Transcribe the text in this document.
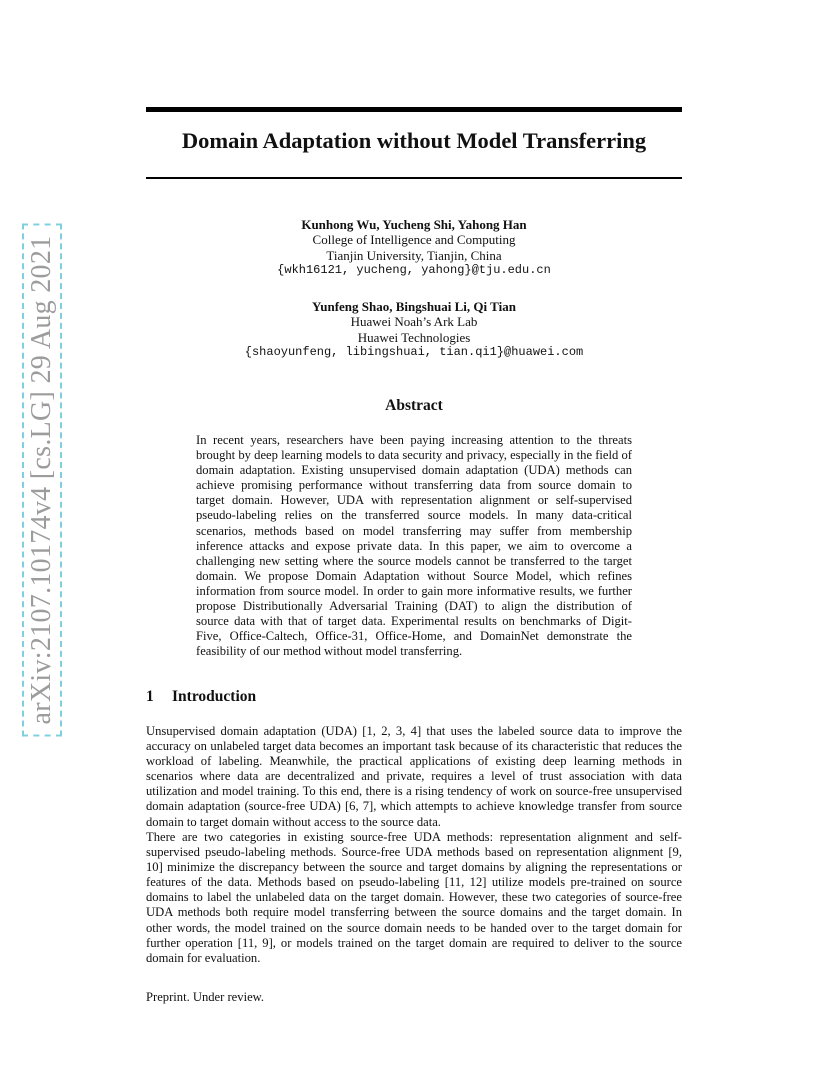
arXiv:2107.10174v4 [cs.LG] 29 Aug 2021
Domain Adaptation without Model Transferring
Kunhong Wu, Yucheng Shi, Yahong Han
College of Intelligence and Computing
Tianjin University, Tianjin, China
{wkh16121, yucheng, yahong}@tju.edu.cn
Yunfeng Shao, Bingshuai Li, Qi Tian
Huawei Noah’s Ark Lab
Huawei Technologies
{shaoyunfeng, libingshuai, tian.qi1}@huawei.com
Abstract

In recent years, researchers have been paying increasing attention to the threats brought by deep learning models to data security and privacy, especially in the field of domain adaptation. Existing unsupervised domain adaptation (UDA) methods can achieve promising performance without transferring data from source domain to target domain. However, UDA with representation alignment or self-supervised pseudo-labeling relies on the transferred source models. In many data-critical scenarios, methods based on model transferring may suffer from membership inference attacks and expose private data. In this paper, we aim to overcome a challenging new setting where the source models cannot be transferred to the target domain. We propose Domain Adaptation without Source Model, which refines information from source model. In order to gain more informative results, we further propose Distributionally Adversarial Training (DAT) to align the distribution of source data with that of target data. Experimental results on benchmarks of Digit-Five, Office-Caltech, Office-31, Office-Home, and DomainNet demonstrate the feasibility of our method without model transferring.

1 Introduction

Unsupervised domain adaptation (UDA) [1, 2, 3, 4] that uses the labeled source data to improve the accuracy on unlabeled target data becomes an important task because of its characteristic that reduces the workload of labeling. Meanwhile, the practical applications of existing deep learning methods in scenarios where data are decentralized and private, requires a level of trust association with data utilization and model training. To this end, there is a rising tendency of work on source-free unsupervised domain adaptation (source-free UDA) [6, 7], which attempts to achieve knowledge transfer from source domain to target domain without access to the source data.

There are two categories in existing source-free UDA methods: representation alignment and self-supervised pseudo-labeling methods. Source-free UDA methods based on representation alignment [9, 10] minimize the discrepancy between the source and target domains by aligning the representations or features of the data. Methods based on pseudo-labeling [11, 12] utilize models pre-trained on source domains to label the unlabeled data on the target domain. However, these two categories of source-free UDA methods both require model transferring between the source domains and the target domain. In other words, the model trained on the source domain needs to be handed over to the target domain for further operation [11, 9], or models trained on the target domain are required to deliver to the source domain for evaluation.

Preprint. Under review.
